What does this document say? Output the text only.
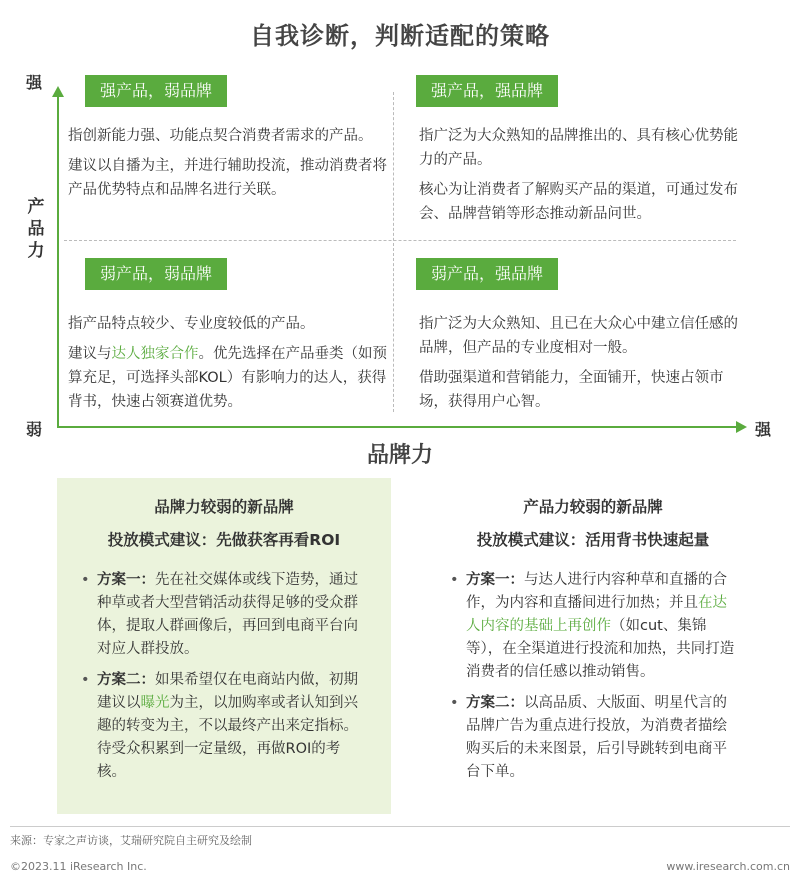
自我诊断，判断适配的策略
强
产品力
弱	强
品牌力
强产品，弱品牌

指创新能力强、功能点契合消费者需求的产品。

建议以自播为主，并进行辅助投流，推动消费者将产品优势特点和品牌名进行关联。

强产品，强品牌

指广泛为大众熟知的品牌推出的、具有核心优势能力的产品。

核心为让消费者了解购买产品的渠道，可通过发布会、品牌营销等形态推动新品问世。

弱产品，弱品牌

指产品特点较少、专业度较低的产品。

建议与达人独家合作。优先选择在产品垂类（如预算充足，可选择头部KOL）有影响力的达人，获得背书，快速占领赛道优势。

弱产品，强品牌

指广泛为大众熟知、且已在大众心中建立信任感的品牌，但产品的专业度相对一般。

借助强渠道和营销能力，全面铺开，快速占领市场，获得用户心智。

品牌力较弱的新品牌
投放模式建议：先做获客再看ROI
• 方案一：先在社交媒体或线下造势，通过种草或者大型营销活动获得足够的受众群体，提取人群画像后，再回到电商平台向对应人群投放。
• 方案二：如果希望仅在电商站内做，初期建议以曝光为主，以加购率或者认知到兴趣的转变为主，不以最终产出来定指标。待受众积累到一定量级，再做ROI的考核。
产品力较弱的新品牌
投放模式建议：活用背书快速起量
• 方案一：与达人进行内容种草和直播的合作，为内容和直播间进行加热；并且在达人内容的基础上再创作（如cut、集锦等），在全渠道进行投流和加热，共同打造消费者的信任感以推动销售。
• 方案二：以高品质、大版面、明星代言的品牌广告为重点进行投放，为消费者描绘购买后的未来图景，后引导跳转到电商平台下单。
来源：专家之声访谈，艾瑞研究院自主研究及绘制
©2023.11 iResearch Inc.	www.iresearch.com.cn
